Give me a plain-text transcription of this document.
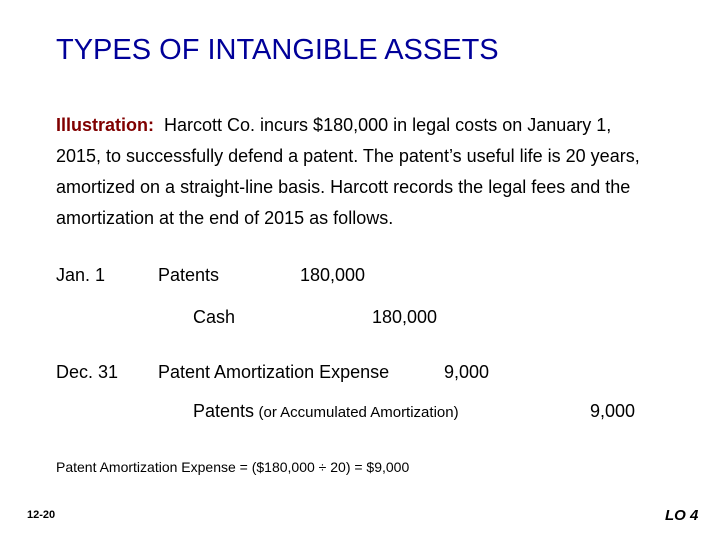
TYPES OF INTANGIBLE ASSETS
Illustration: Harcott Co. incurs $180,000 in legal costs on January 1, 2015, to successfully defend a patent. The patent’s useful life is 20 years, amortized on a straight-line basis. Harcott records the legal fees and the amortization at the end of 2015 as follows.
Jan. 1	Patents	180,000
Cash	180,000
Dec. 31 Patent Amortization Expense	9,000
Patents (or Accumulated Amortization)	9,000
Patent Amortization Expense = ($180,000 ÷ 20) = $9,000
12-20	LO 4
